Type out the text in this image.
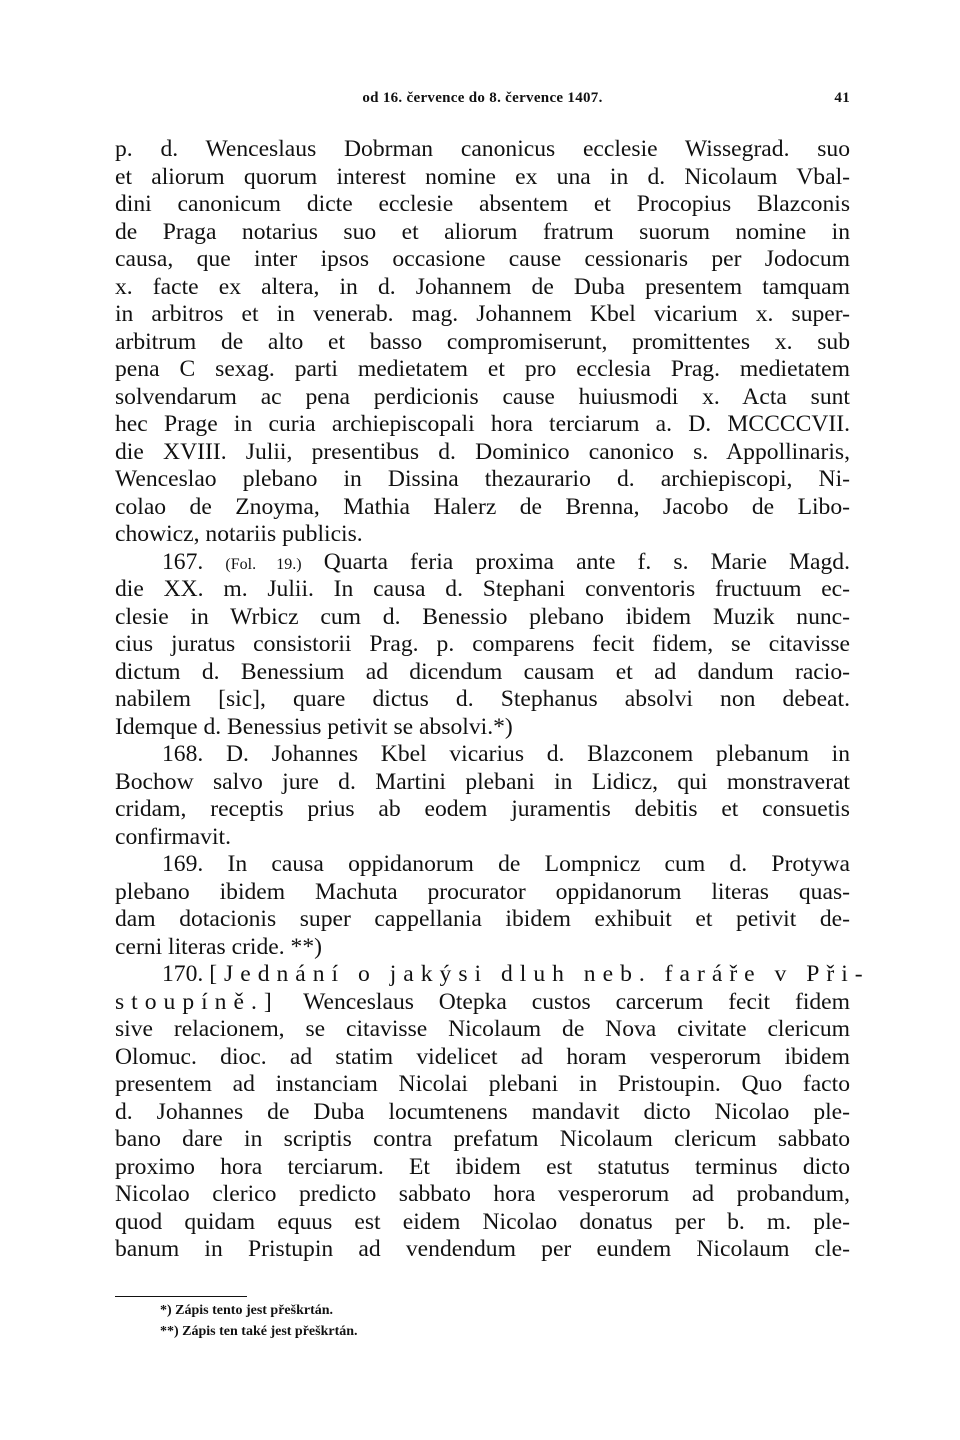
od 16. července do 8. července 1407.	41
p. d. Wenceslaus Dobrman canonicus ecclesie Wissegrad. suo
et aliorum quorum interest nomine ex una in d. Nicolaum Vbal-
dini canonicum dicte ecclesie absentem et Procopius Blazconis
de Praga notarius suo et aliorum fratrum suorum nomine in
causa, que inter ipsos occasione cause cessionaris per Jodocum
x. facte ex altera, in d. Johannem de Duba presentem tamquam
in arbitros et in venerab. mag. Johannem Kbel vicarium x. super-
arbitrum de alto et basso compromiserunt, promittentes x. sub
pena C sexag. parti medietatem et pro ecclesia Prag. medietatem
solvendarum ac pena perdicionis cause huiusmodi x. Acta sunt
hec Prage in curia archiepiscopali hora terciarum a. D. MCCCCVII.
die XVIII. Julii, presentibus d. Dominico canonico s. Appollinaris,
Wenceslao plebano in Dissina thezaurario d. archiepiscopi, Ni-
colao de Znoyma, Mathia Halerz de Brenna, Jacobo de Libo-
chowicz, notariis publicis.
167. (Fol. 19.) Quarta feria proxima ante f. s. Marie Magd.
die XX. m. Julii. In causa d. Stephani conventoris fructuum ec-
clesie in Wrbicz cum d. Benessio plebano ibidem Muzik nunc-
cius juratus consistorii Prag. p. comparens fecit fidem, se citavisse
dictum d. Benessium ad dicendum causam et ad dandum racio-
nabilem [sic], quare dictus d. Stephanus absolvi non debeat.
Idemque d. Benessius petivit se absolvi.*)
168. D. Johannes Kbel vicarius d. Blazconem plebanum in
Bochow salvo jure d. Martini plebani in Lidicz, qui monstraverat
cridam, receptis prius ab eodem juramentis debitis et consuetis
confirmavit.
169. In causa oppidanorum de Lompnicz cum d. Protywa
plebano ibidem Machuta procurator oppidanorum literas quas-
dam dotacionis super cappellania ibidem exhibuit et petivit de-
cerni literas cride. **)
170. [Jednání o jakýsi dluh neb. faráře v Při-
stoupíně.] Wenceslaus Otepka custos carcerum fecit fidem
sive relacionem, se citavisse Nicolaum de Nova civitate clericum
Olomuc. dioc. ad statim videlicet ad horam vesperorum ibidem
presentem ad instanciam Nicolai plebani in Pristoupin. Quo facto
d. Johannes de Duba locumtenens mandavit dicto Nicolao ple-
bano dare in scriptis contra prefatum Nicolaum clericum sabbato
proximo hora terciarum. Et ibidem est statutus terminus dicto
Nicolao clerico predicto sabbato hora vesperorum ad probandum,
quod quidam equus est eidem Nicolao donatus per b. m. ple-
banum in Pristupin ad vendendum per eundem Nicolaum cle-
*) Zápis tento jest přeškrtán.
**) Zápis ten také jest přeškrtán.
